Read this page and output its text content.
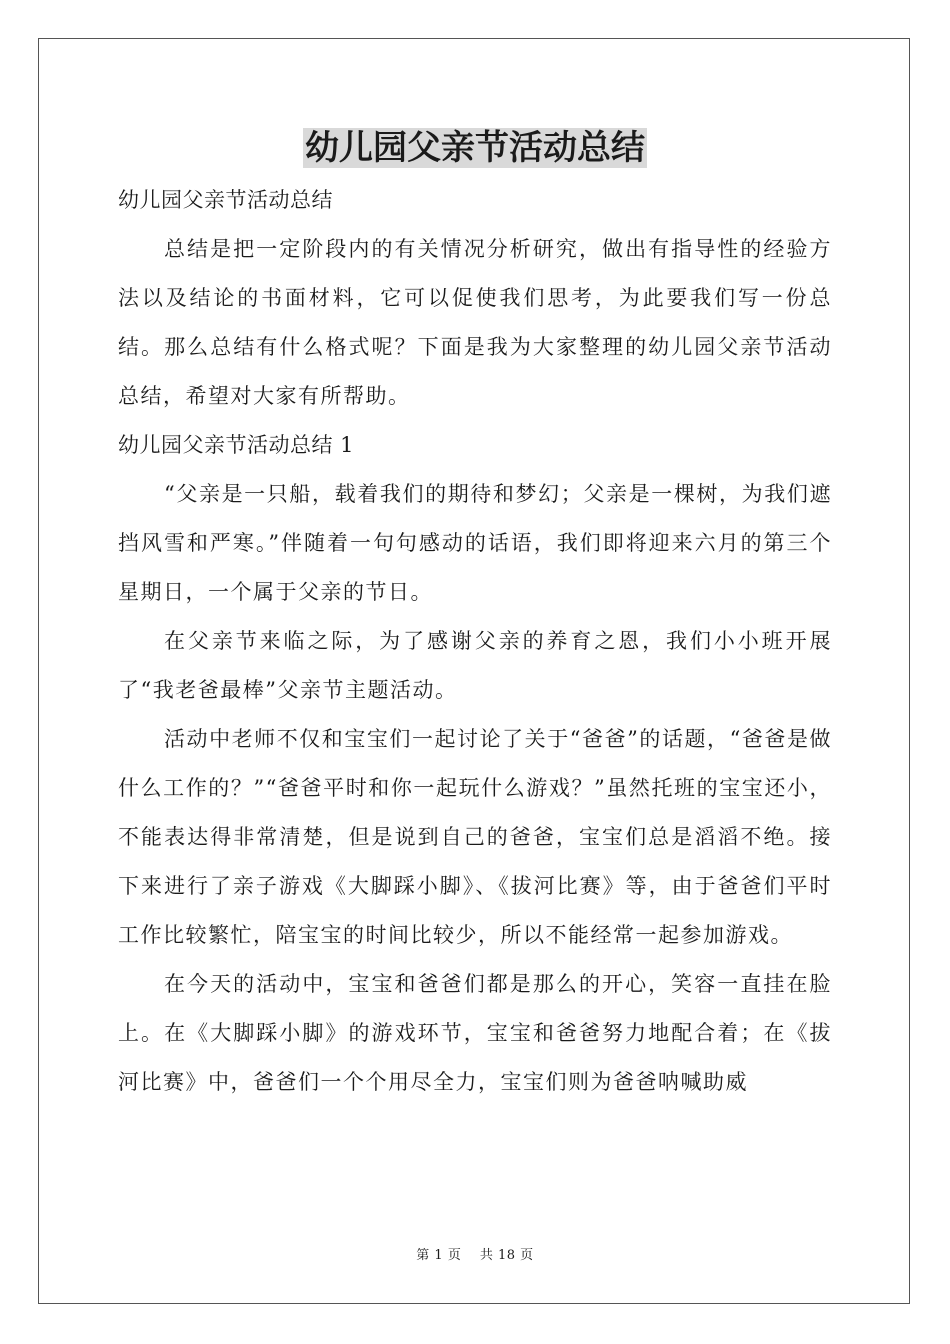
幼儿园父亲节活动总结

幼儿园父亲节活动总结

总结是把一定阶段内的有关情况分析研究，做出有指导性的经验方法以及结论的书面材料，它可以促使我们思考，为此要我们写一份总结。那么总结有什么格式呢？下面是我为大家整理的幼儿园父亲节活动总结，希望对大家有所帮助。

幼儿园父亲节活动总结 1

“父亲是一只船，载着我们的期待和梦幻；父亲是一棵树，为我们遮挡风雪和严寒。”伴随着一句句感动的话语，我们即将迎来六月的第三个星期日，一个属于父亲的节日。

在父亲节来临之际，为了感谢父亲的养育之恩，我们小小班开展了“我老爸最棒”父亲节主题活动。

活动中老师不仅和宝宝们一起讨论了关于“爸爸”的话题，“爸爸是做什么工作的？”“爸爸平时和你一起玩什么游戏？”虽然托班的宝宝还小，不能表达得非常清楚，但是说到自己的爸爸，宝宝们总是滔滔不绝。接下来进行了亲子游戏《大脚踩小脚》、《拔河比赛》等，由于爸爸们平时工作比较繁忙，陪宝宝的时间比较少，所以不能经常一起参加游戏。

在今天的活动中，宝宝和爸爸们都是那么的开心，笑容一直挂在脸上。在《大脚踩小脚》的游戏环节，宝宝和爸爸努力地配合着；在《拔河比赛》中，爸爸们一个个用尽全力，宝宝们则为爸爸呐喊助威

第 1 页 共 18 页
